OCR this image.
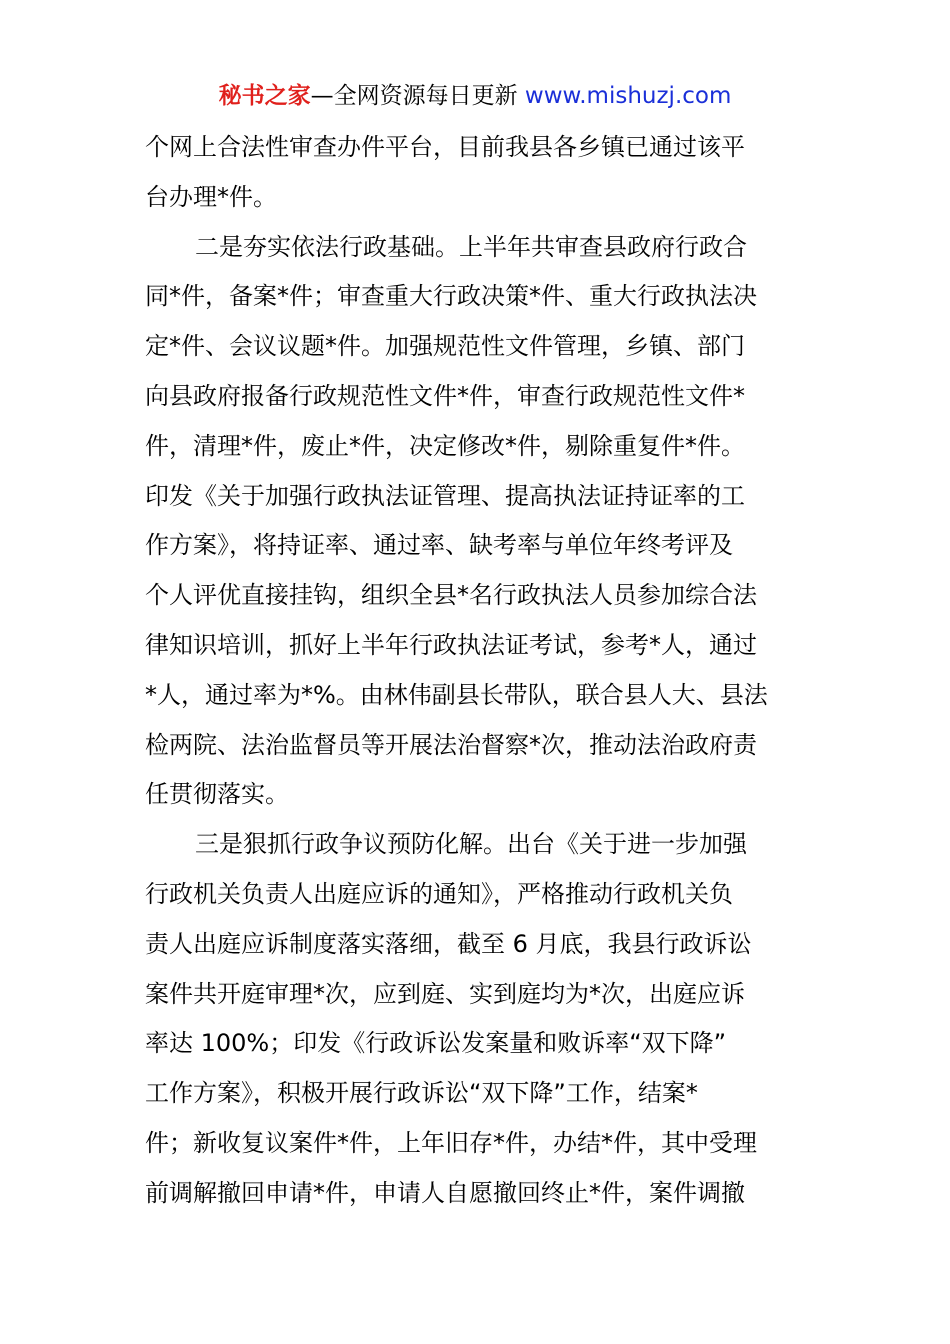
秘书之家—全网资源每日更新 www.mishuzj.com
个网上合法性审查办件平台，目前我县各乡镇已通过该平
台办理*件。
二是夯实依法行政基础。上半年共审查县政府行政合
同*件，备案*件；审查重大行政决策*件、重大行政执法决
定*件、会议议题*件。加强规范性文件管理，乡镇、部门
向县政府报备行政规范性文件*件，审查行政规范性文件*
件，清理*件，废止*件，决定修改*件，剔除重复件*件。
印发《关于加强行政执法证管理、提高执法证持证率的工
作方案》，将持证率、通过率、缺考率与单位年终考评及
个人评优直接挂钩，组织全县*名行政执法人员参加综合法
律知识培训，抓好上半年行政执法证考试，参考*人，通过
*人，通过率为*%。由林伟副县长带队，联合县人大、县法
检两院、法治监督员等开展法治督察*次，推动法治政府责
任贯彻落实。
三是狠抓行政争议预防化解。出台《关于进一步加强
行政机关负责人出庭应诉的通知》，严格推动行政机关负
责人出庭应诉制度落实落细，截至 6 月底，我县行政诉讼
案件共开庭审理*次，应到庭、实到庭均为*次，出庭应诉
率达 100%；印发《行政诉讼发案量和败诉率“双下降”
工作方案》，积极开展行政诉讼“双下降”工作，结案*
件；新收复议案件*件，上年旧存*件，办结*件，其中受理
前调解撤回申请*件，申请人自愿撤回终止*件，案件调撤
